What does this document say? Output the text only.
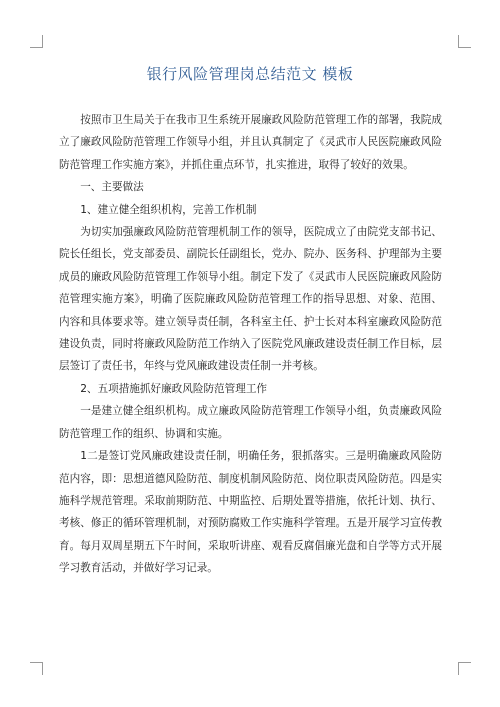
银行风险管理岗总结范文 模板

按照市卫生局关于在我市卫生系统开展廉政风险防范管理工作的部署，我院成立了廉政风险防范管理工作领导小组，并且认真制定了《灵武市人民医院廉政风险防范管理工作实施方案》，并抓住重点环节，扎实推进，取得了较好的效果。

一、主要做法
1、建立健全组织机构，完善工作机制

为切实加强廉政风险防范管理机制工作的领导，医院成立了由院党支部书记、院长任组长，党支部委员、副院长任副组长，党办、院办、医务科、护理部为主要成员的廉政风险防范管理工作领导小组。制定下发了《灵武市人民医院廉政风险防范管理实施方案》，明确了医院廉政风险防范管理工作的指导思想、对象、范围、内容和具体要求等。建立领导责任制，各科室主任、护士长对本科室廉政风险防范建设负责，同时将廉政风险防范工作纳入了医院党风廉政建设责任制工作目标，层层签订了责任书，年终与党风廉政建设责任制一并考核。

2、五项措施抓好廉政风险防范管理工作

一是建立健全组织机构。成立廉政风险防范管理工作领导小组，负责廉政风险防范管理工作的组织、协调和实施。

1二是签订党风廉政建设责任制，明确任务，狠抓落实。三是明确廉政风险防范内容，即：思想道德风险防范、制度机制风险防范、岗位职责风险防范。四是实施科学规范管理。采取前期防范、中期监控、后期处置等措施，依托计划、执行、考核、修正的循环管理机制，对预防腐败工作实施科学管理。五是开展学习宣传教育。每月双周星期五下午时间，采取听讲座、观看反腐倡廉光盘和自学等方式开展学习教育活动，并做好学习记录。
